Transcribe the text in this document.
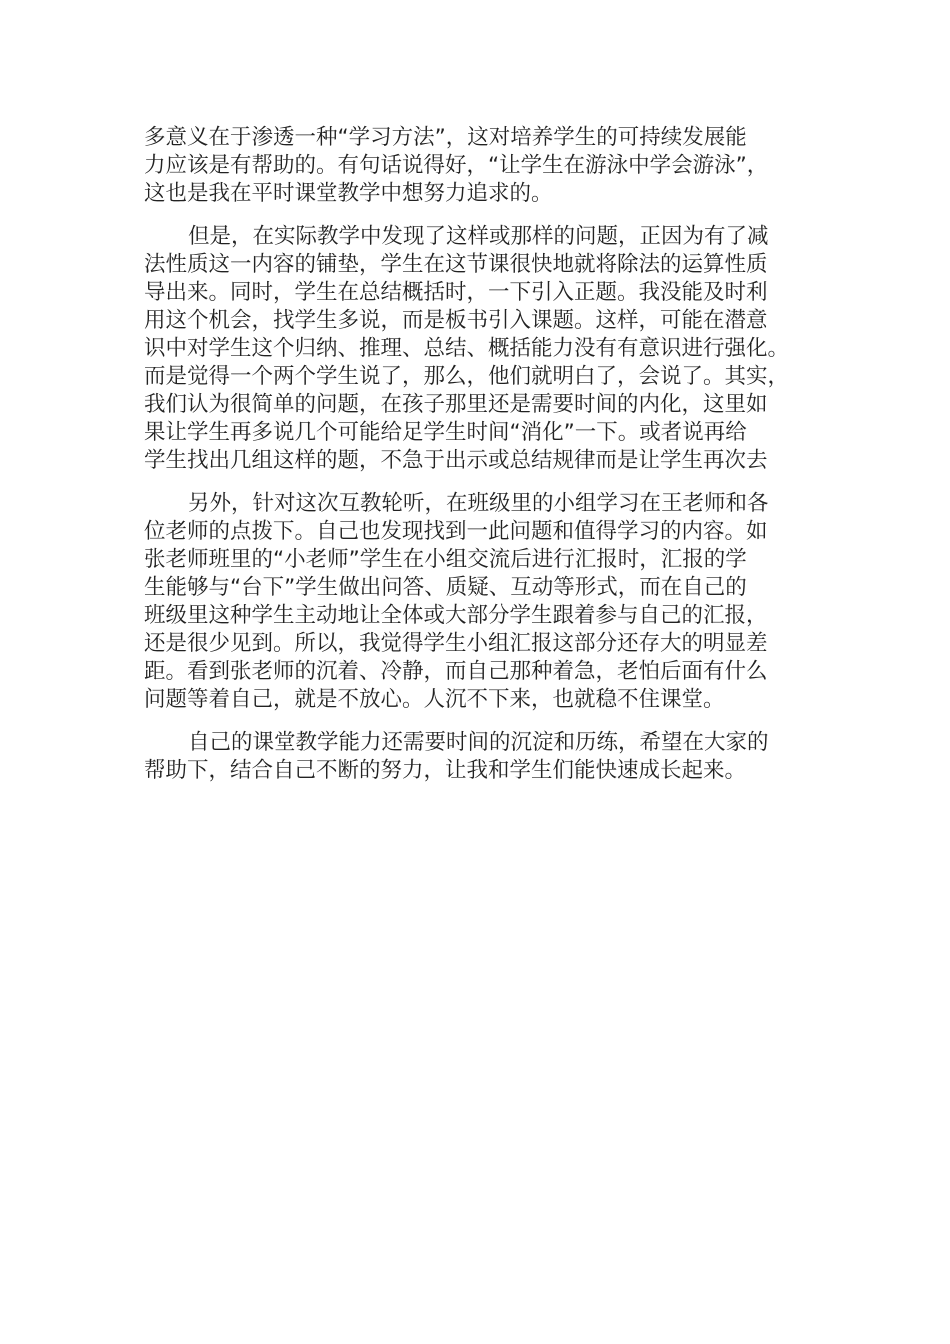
多意义在于渗透一种“学习方法”，这对培养学生的可持续发展能
力应该是有帮助的。有句话说得好，“让学生在游泳中学会游泳”，
这也是我在平时课堂教学中想努力追求的。

但是，在实际教学中发现了这样或那样的问题，正因为有了减
法性质这一内容的铺垫，学生在这节课很快地就将除法的运算性质
导出来。同时，学生在总结概括时，一下引入正题。我没能及时利
用这个机会，找学生多说，而是板书引入课题。这样，可能在潜意
识中对学生这个归纳、推理、总结、概括能力没有有意识进行强化。
而是觉得一个两个学生说了，那么，他们就明白了，会说了。其实，
我们认为很简单的问题，在孩子那里还是需要时间的内化，这里如
果让学生再多说几个可能给足学生时间“消化”一下。或者说再给
学生找出几组这样的题，不急于出示或总结规律而是让学生再次去

另外，针对这次互教轮听，在班级里的小组学习在王老师和各
位老师的点拨下。自己也发现找到一此问题和值得学习的内容。如
张老师班里的“小老师”学生在小组交流后进行汇报时，汇报的学
生能够与“台下”学生做出问答、质疑、互动等形式，而在自己的
班级里这种学生主动地让全体或大部分学生跟着参与自己的汇报，
还是很少见到。所以，我觉得学生小组汇报这部分还存大的明显差
距。看到张老师的沉着、冷静，而自己那种着急，老怕后面有什么
问题等着自己，就是不放心。人沉不下来，也就稳不住课堂。

自己的课堂教学能力还需要时间的沉淀和历练，希望在大家的
帮助下，结合自己不断的努力，让我和学生们能快速成长起来。
